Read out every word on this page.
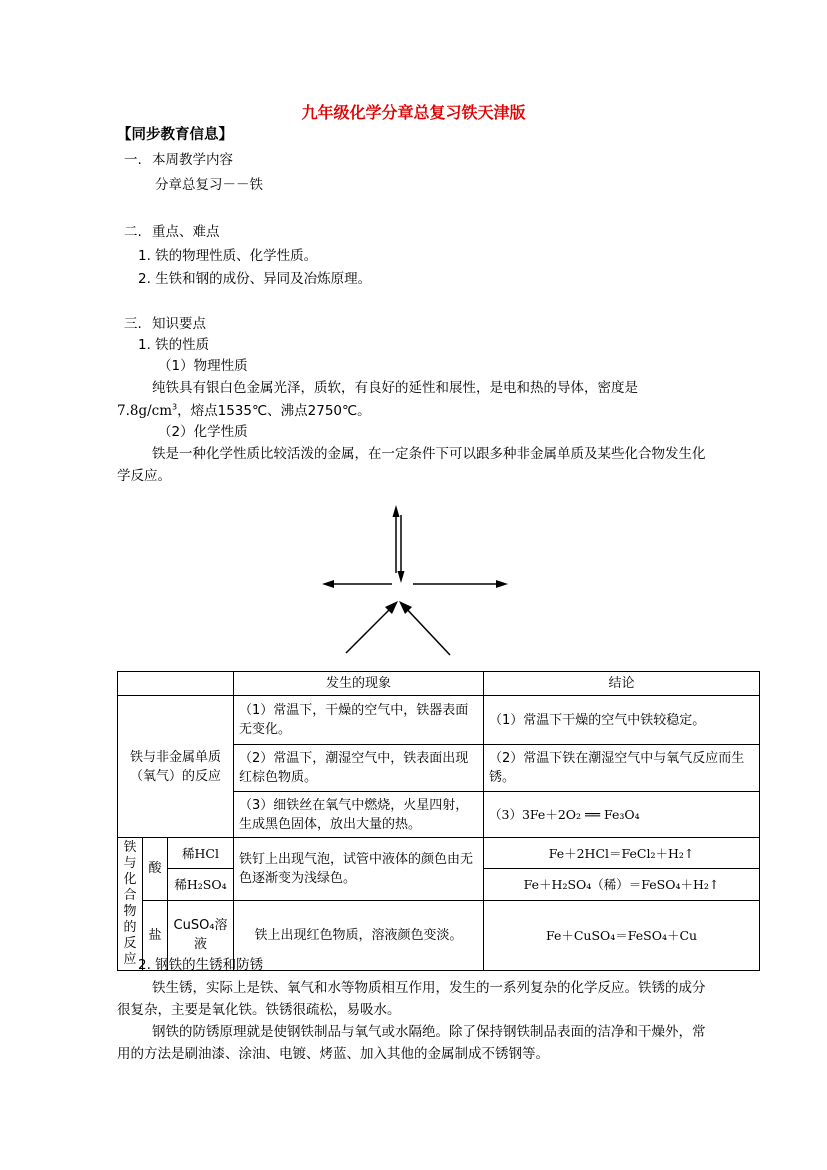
九年级化学分章总复习铁天津版
【同步教育信息】
一. 本周教学内容
分章总复习－－铁
二. 重点、难点
1. 铁的物理性质、化学性质。
2. 生铁和钢的成份、异同及冶炼原理。
三. 知识要点
1. 铁的性质
（1）物理性质
纯铁具有银白色金属光泽，质软，有良好的延性和展性，是电和热的导体，密度是
$7.8g/cm^3$，熔点1535℃、沸点2750℃。
（2）化学性质
铁是一种化学性质比较活泼的金属，在一定条件下可以跟多种非金属单质及某些化合物发生化学反应。
			发生的现象	结论
铁与非金属单质（氧气）的反应			（1）常温下，干燥的空气中，铁器表面无变化。	（1）常温下干燥的空气中铁较稳定。
			（2）常温下，潮湿空气中，铁表面出现红棕色物质。	（2）常温下铁在潮湿空气中与氧气反应而生锈。
			（3）细铁丝在氧气中燃烧，火星四射，生成黑色固体，放出大量的热。	（3）3Fe＋2O₂ ══ Fe₃O₄

铁与化合物的反应	酸	稀HCl	铁钉上出现气泡，试管中液体的颜色由无色逐渐变为浅绿色。	Fe＋2HCl＝FeCl₂＋H₂↑
		稀H₂SO₄		Fe＋H₂SO₄（稀）＝FeSO₄＋H₂↑
	盐	CuSO₄溶液	铁上出现红色物质，溶液颜色变淡。	Fe＋CuSO₄＝FeSO₄＋Cu
2. 钢铁的生锈和防锈
铁生锈，实际上是铁、氧气和水等物质相互作用，发生的一系列复杂的化学反应。铁锈的成分很复杂，主要是氧化铁。铁锈很疏松，易吸水。
钢铁的防锈原理就是使钢铁制品与氧气或水隔绝。除了保持钢铁制品表面的洁净和干燥外，常用的方法是刷油漆、涂油、电镀、烤蓝、加入其他的金属制成不锈钢等。
